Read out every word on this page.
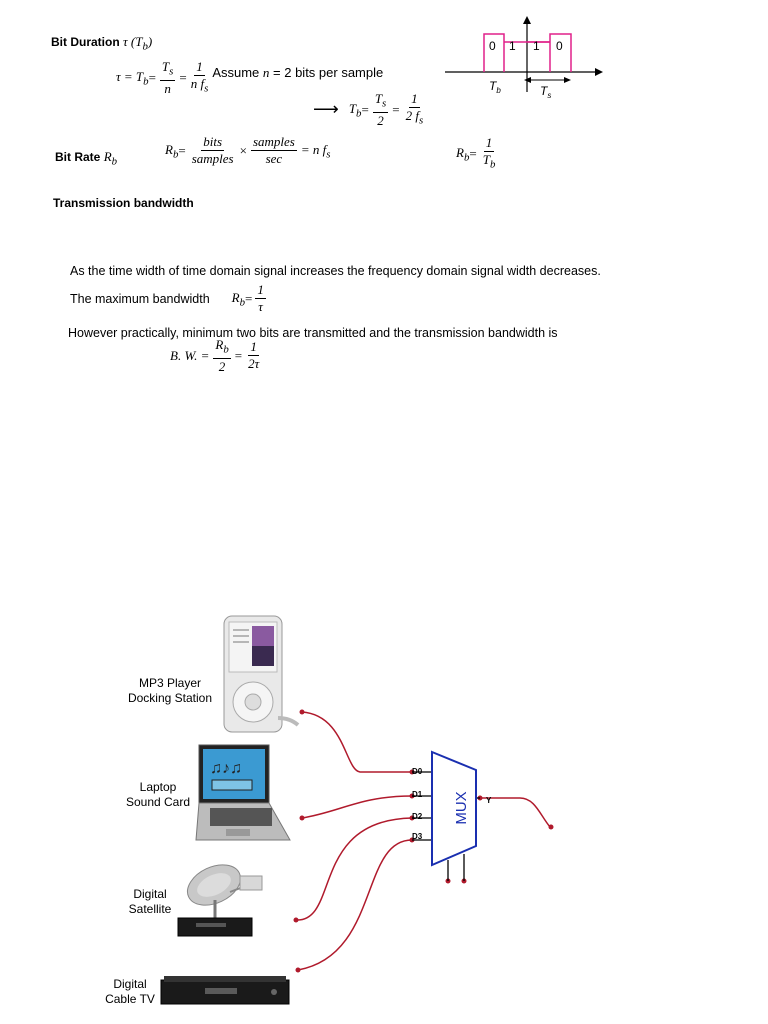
Bit Duration τ $(T_b)$
$\tau = T_b = \frac{T_s}{n} = \frac{1}{n f_s}$ Assume n = 2 bits per sample
⟶ $T_b = \frac{T_s}{2} = \frac{1}{2 f_s}$
0 1 1 0
$T_b$	$T_s$
Bit Rate $R_b$
$R_b = \frac{\text{bits}}{\text{samples}} \times \frac{\text{samples}}{\sec} = n$ $f_s$	$R_b = \frac{1}{T_b}$
Transmission bandwidth
As the time width of time domain signal increases the frequency domain signal width decreases.
The maximum bandwidth $R_b = \frac{1}{\tau}$
However practically, minimum two bits are transmitted and the transmission bandwidth is
B. W. = $\frac{R_b}{2} = \frac{1}{2\tau}$
MP3 Player
Docking Station
Laptop
Sound Card
Digital
Satellite
Digital
Cable TV
♫♪♫
MUX
D0
D1
D2
D3
Y
